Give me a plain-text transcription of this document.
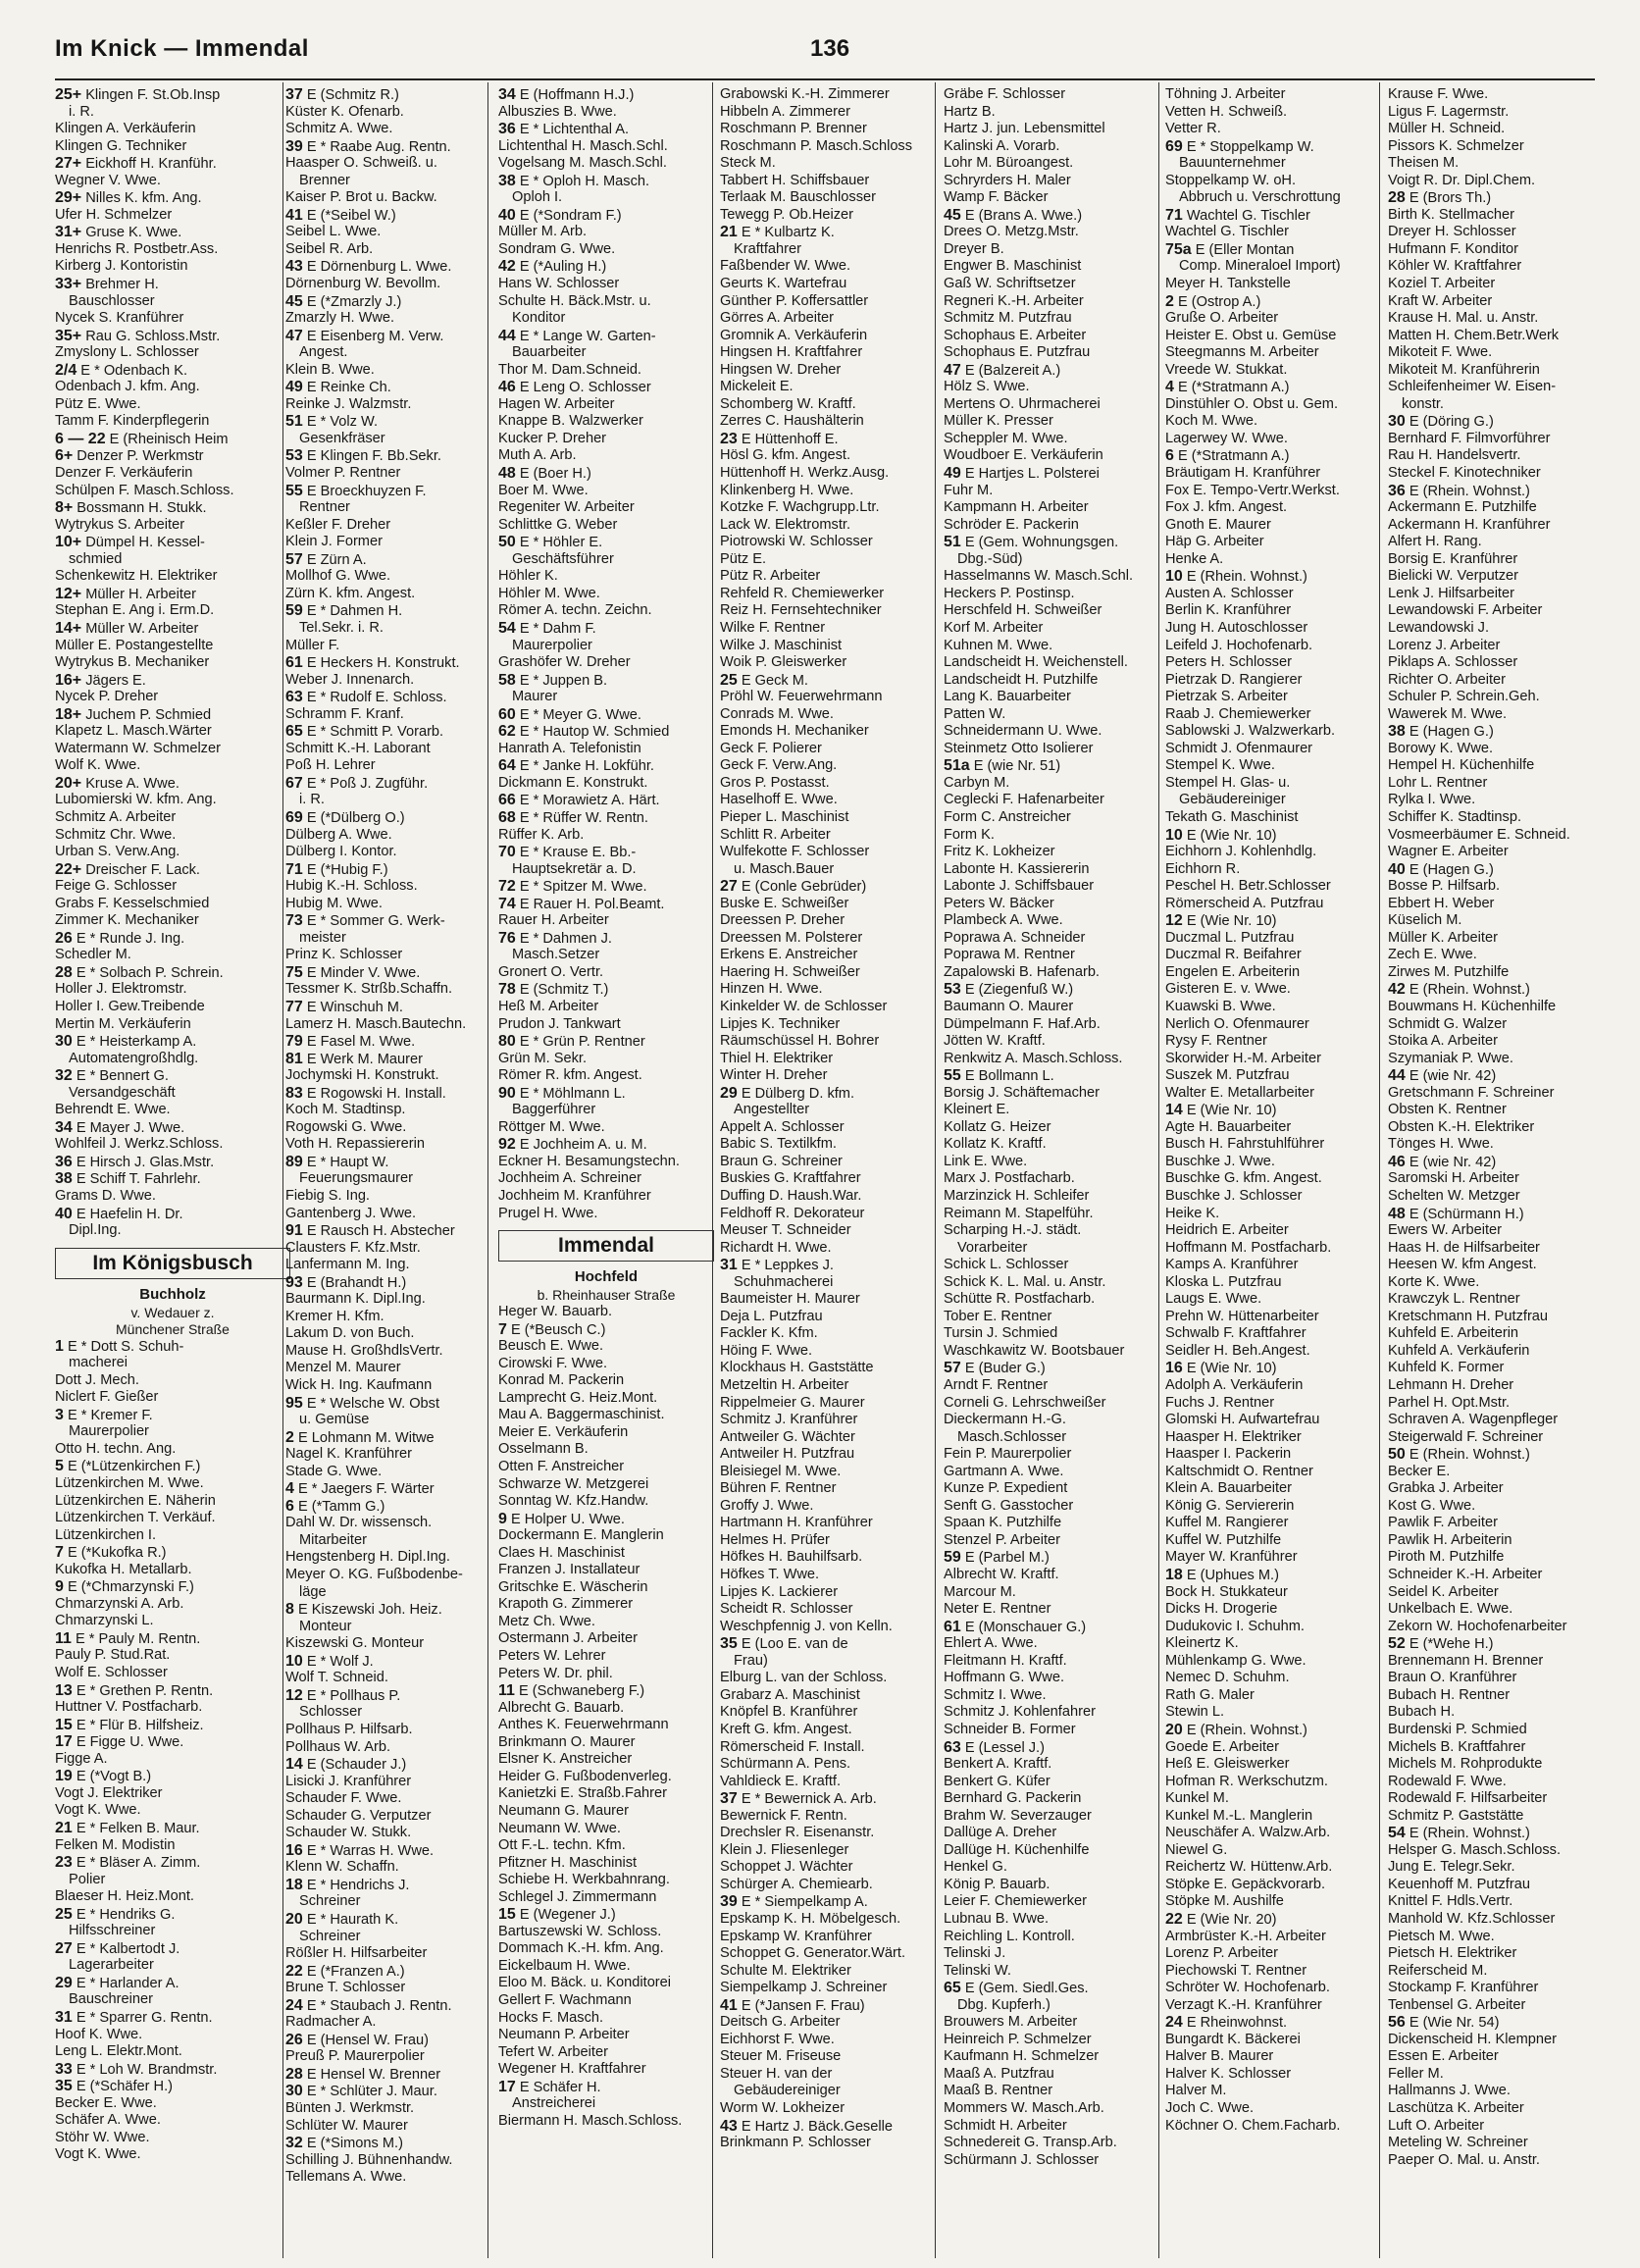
Im Knick — Immendal	136
25+ Klingen F. St.Ob.Insp
i. R.
Klingen A. Verkäuferin
Klingen G. Techniker
27+ Eickhoff H. Kranführ.
Wegner V. Wwe.
29+ Nilles K. kfm. Ang.
Ufer H. Schmelzer
31+ Gruse K. Wwe.
Henrichs R. Postbetr.Ass.
Kirberg J. Kontoristin
33+ Brehmer H.
Bauschlosser
Nycek S. Kranführer
35+ Rau G. Schloss.Mstr.
Zmyslony L. Schlosser
2/4 E * Odenbach K.
Odenbach J. kfm. Ang.
Pütz E. Wwe.
Tamm F. Kinderpflegerin
6 — 22 E (Rheinisch Heim
6+ Denzer P. Werkmstr
Denzer F. Verkäuferin
Schülpen F. Masch.Schloss.
8+ Bossmann H. Stukk.
Wytrykus S. Arbeiter
10+ Dümpel H. Kessel-
schmied
Schenkewitz H. Elektriker
12+ Müller H. Arbeiter
Stephan E. Ang i. Erm.D.
14+ Müller W. Arbeiter
Müller E. Postangestellte
Wytrykus B. Mechaniker
16+ Jägers E.
Nycek P. Dreher
18+ Juchem P. Schmied
Klapetz L. Masch.Wärter
Watermann W. Schmelzer
Wolf K. Wwe.
20+ Kruse A. Wwe.
Lubomierski W. kfm. Ang.
Schmitz A. Arbeiter
Schmitz Chr. Wwe.
Urban S. Verw.Ang.
22+ Dreischer F. Lack.
Feige G. Schlosser
Grabs F. Kesselschmied
Zimmer K. Mechaniker
26 E * Runde J. Ing.
Schedler M.
28 E * Solbach P. Schrein.
Holler J. Elektromstr.
Holler I. Gew.Treibende
Mertin M. Verkäuferin
30 E * Heisterkamp A.
Automatengroßhdlg.
32 E * Bennert G.
Versandgeschäft
Behrendt E. Wwe.
34 E Mayer J. Wwe.
Wohlfeil J. Werkz.Schloss.
36 E Hirsch J. Glas.Mstr.
38 E Schiff T. Fahrlehr.
Grams D. Wwe.
40 E Haefelin H. Dr.
Dipl.Ing.
Im Königsbusch
Buchholz
v. Wedauer z.
Münchener Straße
1 E * Dott S. Schuh-
macherei
Dott J. Mech.
Niclert F. Gießer
3 E * Kremer F.
Maurerpolier
Otto H. techn. Ang.
5 E (*Lützenkirchen F.)
Lützenkirchen M. Wwe.
Lützenkirchen E. Näherin
Lützenkirchen T. Verkäuf.
Lützenkirchen I.
7 E (*Kukofka R.)
Kukofka H. Metallarb.
9 E (*Chmarzynski F.)
Chmarzynski A. Arb.
Chmarzynski L.
11 E * Pauly M. Rentn.
Pauly P. Stud.Rat.
Wolf E. Schlosser
13 E * Grethen P. Rentn.
Huttner V. Postfacharb.
15 E * Flür B. Hilfsheiz.
17 E Figge U. Wwe.
Figge A.
19 E (*Vogt B.)
Vogt J. Elektriker
Vogt K. Wwe.
21 E * Felken B. Maur.
Felken M. Modistin
23 E * Bläser A. Zimm.
Polier
Blaeser H. Heiz.Mont.
25 E * Hendriks G.
Hilfsschreiner
27 E * Kalbertodt J.
Lagerarbeiter
29 E * Harlander A.
Bauschreiner
31 E * Sparrer G. Rentn.
Hoof K. Wwe.
Leng L. Elektr.Mont.
33 E * Loh W. Brandmstr.
35 E (*Schäfer H.)
Becker E. Wwe.
Schäfer A. Wwe.
Stöhr W. Wwe.
Vogt K. Wwe.
37 E (Schmitz R.)
Küster K. Ofenarb.
Schmitz A. Wwe.
39 E * Raabe Aug. Rentn.
Haasper O. Schweiß. u.
Brenner
Kaiser P. Brot u. Backw.
41 E (*Seibel W.)
Seibel L. Wwe.
Seibel R. Arb.
43 E Dörnenburg L. Wwe.
Dörnenburg W. Bevollm.
45 E (*Zmarzly J.)
Zmarzly H. Wwe.
47 E Eisenberg M. Verw.
Angest.
Klein B. Wwe.
49 E Reinke Ch.
Reinke J. Walzmstr.
51 E * Volz W.
Gesenkfräser
53 E Klingen F. Bb.Sekr.
Volmer P. Rentner
55 E Broeckhuyzen F.
Rentner
Keßler F. Dreher
Klein J. Former
57 E Zürn A.
Mollhof G. Wwe.
Zürn K. kfm. Angest.
59 E * Dahmen H.
Tel.Sekr. i. R.
Müller F.
61 E Heckers H. Konstrukt.
Weber J. Innenarch.
63 E * Rudolf E. Schloss.
Schramm F. Kranf.
65 E * Schmitt P. Vorarb.
Schmitt K.-H. Laborant
Poß H. Lehrer
67 E * Poß J. Zugführ.
i. R.
69 E (*Dülberg O.)
Dülberg A. Wwe.
Dülberg I. Kontor.
71 E (*Hubig F.)
Hubig K.-H. Schloss.
Hubig M. Wwe.
73 E * Sommer G. Werk-
meister
Prinz K. Schlosser
75 E Minder V. Wwe.
Tessmer K. Strßb.Schaffn.
77 E Winschuh M.
Lamerz H. Masch.Bautechn.
79 E Fasel M. Wwe.
81 E Werk M. Maurer
Jochymski H. Konstrukt.
83 E Rogowski H. Install.
Koch M. Stadtinsp.
Rogowski G. Wwe.
Voth H. Repassiererin
89 E * Haupt W.
Feuerungsmaurer
Fiebig S. Ing.
Gantenberg J. Wwe.
91 E Rausch H. Abstecher
Clausters F. Kfz.Mstr.
Lanfermann M. Ing.
93 E (Brahandt H.)
Baurmann K. Dipl.Ing.
Kremer H. Kfm.
Lakum D. von Buch.
Mause H. GroßhdlsVertr.
Menzel M. Maurer
Wick H. Ing. Kaufmann
95 E * Welsche W. Obst
u. Gemüse
2 E Lohmann M. Witwe
Nagel K. Kranführer
Stade G. Wwe.
4 E * Jaegers F. Wärter
6 E (*Tamm G.)
Dahl W. Dr. wissensch.
Mitarbeiter
Hengstenberg H. Dipl.Ing.
Meyer O. KG. Fußbodenbe-
läge
8 E Kiszewski Joh. Heiz.
Monteur
Kiszewski G. Monteur
10 E * Wolf J.
Wolf T. Schneid.
12 E * Pollhaus P.
Schlosser
Pollhaus P. Hilfsarb.
Pollhaus W. Arb.
14 E (Schauder J.)
Lisicki J. Kranführer
Schauder F. Wwe.
Schauder G. Verputzer
Schauder W. Stukk.
16 E * Warras H. Wwe.
Klenn W. Schaffn.
18 E * Hendrichs J.
Schreiner
20 E * Haurath K.
Schreiner
Rößler H. Hilfsarbeiter
22 E (*Franzen A.)
Brune T. Schlosser
24 E * Staubach J. Rentn.
Radmacher A.
26 E (Hensel W. Frau)
Preuß P. Maurerpolier
28 E Hensel W. Brenner
30 E * Schlüter J. Maur.
Bünten J. Werkmstr.
Schlüter W. Maurer
32 E (*Simons M.)
Schilling J. Bühnenhandw.
Tellemans A. Wwe.
34 E (Hoffmann H.J.)
Albuszies B. Wwe.
36 E * Lichtenthal A.
Lichtenthal H. Masch.Schl.
Vogelsang M. Masch.Schl.
38 E * Oploh H. Masch.
Oploh I.
40 E (*Sondram F.)
Müller M. Arb.
Sondram G. Wwe.
42 E (*Auling H.)
Hans W. Schlosser
Schulte H. Bäck.Mstr. u.
Konditor
44 E * Lange W. Garten-
Bauarbeiter
Thor M. Dam.Schneid.
46 E Leng O. Schlosser
Hagen W. Arbeiter
Knappe B. Walzwerker
Kucker P. Dreher
Muth A. Arb.
48 E (Boer H.)
Boer M. Wwe.
Regeniter W. Arbeiter
Schlittke G. Weber
50 E * Höhler E.
Geschäftsführer
Höhler K.
Höhler M. Wwe.
Römer A. techn. Zeichn.
54 E * Dahm F.
Maurerpolier
Grashöfer W. Dreher
58 E * Juppen B.
Maurer
60 E * Meyer G. Wwe.
62 E * Hautop W. Schmied
Hanrath A. Telefonistin
64 E * Janke H. Lokführ.
Dickmann E. Konstrukt.
66 E * Morawietz A. Härt.
68 E * Rüffer W. Rentn.
Rüffer K. Arb.
70 E * Krause E. Bb.-
Hauptsekretär a. D.
72 E * Spitzer M. Wwe.
74 E Rauer H. Pol.Beamt.
Rauer H. Arbeiter
76 E * Dahmen J.
Masch.Setzer
Gronert O. Vertr.
78 E (Schmitz T.)
Heß M. Arbeiter
Prudon J. Tankwart
80 E * Grün P. Rentner
Grün M. Sekr.
Römer R. kfm. Angest.
90 E * Möhlmann L.
Baggerführer
Röttger M. Wwe.
92 E Jochheim A. u. M.
Eckner H. Besamungstechn.
Jochheim A. Schreiner
Jochheim M. Kranführer
Prugel H. Wwe.
Immendal
Hochfeld
b. Rheinhauser Straße
Heger W. Bauarb.
7 E (*Beusch C.)
Beusch E. Wwe.
Cirowski F. Wwe.
Konrad M. Packerin
Lamprecht G. Heiz.Mont.
Mau A. Baggermaschinist.
Meier E. Verkäuferin
Osselmann B.
Otten F. Anstreicher
Schwarze W. Metzgerei
Sonntag W. Kfz.Handw.
9 E Holper U. Wwe.
Dockermann E. Manglerin
Claes H. Maschinist
Franzen J. Installateur
Gritschke E. Wäscherin
Krapoth G. Zimmerer
Metz Ch. Wwe.
Ostermann J. Arbeiter
Peters W. Lehrer
Peters W. Dr. phil.
11 E (Schwaneberg F.)
Albrecht G. Bauarb.
Anthes K. Feuerwehrmann
Brinkmann O. Maurer
Elsner K. Anstreicher
Heider G. Fußbodenverleg.
Kanietzki E. Straßb.Fahrer
Neumann G. Maurer
Neumann W. Wwe.
Ott F.-L. techn. Kfm.
Pfitzner H. Maschinist
Schiebe H. Werkbahnrang.
Schlegel J. Zimmermann
15 E (Wegener J.)
Bartuszewski W. Schloss.
Dommach K.-H. kfm. Ang.
Eickelbaum H. Wwe.
Eloo M. Bäck. u. Konditorei
Gellert F. Wachmann
Hocks F. Masch.
Neumann P. Arbeiter
Tefert W. Arbeiter
Wegener H. Kraftfahrer
17 E Schäfer H.
Anstreicherei
Biermann H. Masch.Schloss.
Grabowski K.-H. Zimmerer
Hibbeln A. Zimmerer
Roschmann P. Brenner
Roschmann P. Masch.Schloss
Steck M.
Tabbert H. Schiffsbauer
Terlaak M. Bauschlosser
Tewegg P. Ob.Heizer
21 E * Kulbartz K.
Kraftfahrer
Faßbender W. Wwe.
Geurts K. Wartefrau
Günther P. Koffersattler
Görres A. Arbeiter
Gromnik A. Verkäuferin
Hingsen H. Kraftfahrer
Hingsen W. Dreher
Mickeleit E.
Schomberg W. Kraftf.
Zerres C. Haushälterin
23 E Hüttenhoff E.
Hösl G. kfm. Angest.
Hüttenhoff H. Werkz.Ausg.
Klinkenberg H. Wwe.
Kotzke F. Wachgrupp.Ltr.
Lack W. Elektromstr.
Piotrowski W. Schlosser
Pütz E.
Pütz R. Arbeiter
Rehfeld R. Chemiewerker
Reiz H. Fernsehtechniker
Wilke F. Rentner
Wilke J. Maschinist
Woik P. Gleiswerker
25 E Geck M.
Pröhl W. Feuerwehrmann
Conrads M. Wwe.
Emonds H. Mechaniker
Geck F. Polierer
Geck F. Verw.Ang.
Gros P. Postasst.
Haselhoff E. Wwe.
Pieper L. Maschinist
Schlitt R. Arbeiter
Wulfekotte F. Schlosser
u. Masch.Bauer
27 E (Conle Gebrüder)
Buske E. Schweißer
Dreessen P. Dreher
Dreessen M. Polsterer
Erkens E. Anstreicher
Haering H. Schweißer
Hinzen H. Wwe.
Kinkelder W. de Schlosser
Lipjes K. Techniker
Räumschüssel H. Bohrer
Thiel H. Elektriker
Winter H. Dreher
29 E Dülberg D. kfm.
Angestellter
Appelt A. Schlosser
Babic S. Textilkfm.
Braun G. Schreiner
Buskies G. Kraftfahrer
Duffing D. Haush.War.
Feldhoff R. Dekorateur
Meuser T. Schneider
Richardt H. Wwe.
31 E * Leppkes J.
Schuhmacherei
Baumeister H. Maurer
Deja L. Putzfrau
Fackler K. Kfm.
Höing F. Wwe.
Klockhaus H. Gaststätte
Metzeltin H. Arbeiter
Rippelmeier G. Maurer
Schmitz J. Kranführer
Antweiler G. Wächter
Antweiler H. Putzfrau
Bleisiegel M. Wwe.
Bühren F. Rentner
Groffy J. Wwe.
Hartmann H. Kranführer
Helmes H. Prüfer
Höfkes H. Bauhilfsarb.
Höfkes T. Wwe.
Lipjes K. Lackierer
Scheidt R. Schlosser
Weschpfennig J. von Kelln.
35 E (Loo E. van de
Frau)
Elburg L. van der Schloss.
Grabarz A. Maschinist
Knöpfel B. Kranführer
Kreft G. kfm. Angest.
Römerscheid F. Install.
Schürmann A. Pens.
Vahldieck E. Kraftf.
37 E * Bewernick A. Arb.
Bewernick F. Rentn.
Drechsler R. Eisenanstr.
Klein J. Fliesenleger
Schoppet J. Wächter
Schürger A. Chemiearb.
39 E * Siempelkamp A.
Epskamp K. H. Möbelgesch.
Epskamp W. Kranführer
Schoppet G. Generator.Wärt.
Schulte M. Elektriker
Siempelkamp J. Schreiner
41 E (*Jansen F. Frau)
Deitsch G. Arbeiter
Eichhorst F. Wwe.
Steuer M. Friseuse
Steuer H. van der
Gebäudereiniger
Worm W. Lokheizer
43 E Hartz J. Bäck.Geselle
Brinkmann P. Schlosser
Gräbe F. Schlosser
Hartz B.
Hartz J. jun. Lebensmittel
Kalinski A. Vorarb.
Lohr M. Büroangest.
Schryrders H. Maler
Wamp F. Bäcker
45 E (Brans A. Wwe.)
Drees O. Metzg.Mstr.
Dreyer B.
Engwer B. Maschinist
Gaß W. Schriftsetzer
Regneri K.-H. Arbeiter
Schmitz M. Putzfrau
Schophaus E. Arbeiter
Schophaus E. Putzfrau
47 E (Balzereit A.)
Hölz S. Wwe.
Mertens O. Uhrmacherei
Müller K. Presser
Scheppler M. Wwe.
Woudboer E. Verkäuferin
49 E Hartjes L. Polsterei
Fuhr M.
Kampmann H. Arbeiter
Schröder E. Packerin
51 E (Gem. Wohnungsgen.
Dbg.-Süd)
Hasselmanns W. Masch.Schl.
Heckers P. Postinsp.
Herschfeld H. Schweißer
Korf M. Arbeiter
Kuhnen M. Wwe.
Landscheidt H. Weichenstell.
Landscheidt H. Putzhilfe
Lang K. Bauarbeiter
Patten W.
Schneidermann U. Wwe.
Steinmetz Otto Isolierer
51a E (wie Nr. 51)
Carbyn M.
Ceglecki F. Hafenarbeiter
Form C. Anstreicher
Form K.
Fritz K. Lokheizer
Labonte H. Kassiererin
Labonte J. Schiffsbauer
Peters W. Bäcker
Plambeck A. Wwe.
Poprawa A. Schneider
Poprawa M. Rentner
Zapalowski B. Hafenarb.
53 E (Ziegenfuß W.)
Baumann O. Maurer
Dümpelmann F. Haf.Arb.
Jötten W. Kraftf.
Renkwitz A. Masch.Schloss.
55 E Bollmann L.
Borsig J. Schäftemacher
Kleinert E.
Kollatz G. Heizer
Kollatz K. Kraftf.
Link E. Wwe.
Marx J. Postfacharb.
Marzinzick H. Schleifer
Reimann M. Stapelführ.
Scharping H.-J. städt.
Vorarbeiter
Schick L. Schlosser
Schick K. L. Mal. u. Anstr.
Schütte R. Postfacharb.
Tober E. Rentner
Tursin J. Schmied
Waschkawitz W. Bootsbauer
57 E (Buder G.)
Arndt F. Rentner
Corneli G. Lehrschweißer
Dieckermann H.-G.
Masch.Schlosser
Fein P. Maurerpolier
Gartmann A. Wwe.
Kunze P. Expedient
Senft G. Gasstocher
Spaan K. Putzhilfe
Stenzel P. Arbeiter
59 E (Parbel M.)
Albrecht W. Kraftf.
Marcour M.
Neter E. Rentner
61 E (Monschauer G.)
Ehlert A. Wwe.
Fleitmann H. Kraftf.
Hoffmann G. Wwe.
Schmitz I. Wwe.
Schmitz J. Kohlenfahrer
Schneider B. Former
63 E (Lessel J.)
Benkert A. Kraftf.
Benkert G. Küfer
Bernhard G. Packerin
Brahm W. Severzauger
Dallüge A. Dreher
Dallüge H. Küchenhilfe
Henkel G.
König P. Bauarb.
Leier F. Chemiewerker
Lubnau B. Wwe.
Reichling L. Kontroll.
Telinski J.
Telinski W.
65 E (Gem. Siedl.Ges.
Dbg. Kupferh.)
Brouwers M. Arbeiter
Heinreich P. Schmelzer
Kaufmann H. Schmelzer
Maaß A. Putzfrau
Maaß B. Rentner
Mommers W. Masch.Arb.
Schmidt H. Arbeiter
Schnedereit G. Transp.Arb.
Schürmann J. Schlosser
Töhning J. Arbeiter
Vetten H. Schweiß.
Vetter R.
69 E * Stoppelkamp W.
Bauunternehmer
Stoppelkamp W. oH.
Abbruch u. Verschrottung
71 Wachtel G. Tischler
Wachtel G. Tischler
75a E (Eller Montan
Comp. Mineraloel Import)
Meyer H. Tankstelle
2 E (Ostrop A.)
Gruße O. Arbeiter
Heister E. Obst u. Gemüse
Steegmanns M. Arbeiter
Vreede W. Stukkat.
4 E (*Stratmann A.)
Dinstühler O. Obst u. Gem.
Koch M. Wwe.
Lagerwey W. Wwe.
6 E (*Stratmann A.)
Bräutigam H. Kranführer
Fox E. Tempo-Vertr.Werkst.
Fox J. kfm. Angest.
Gnoth E. Maurer
Häp G. Arbeiter
Henke A.
10 E (Rhein. Wohnst.)
Austen A. Schlosser
Berlin K. Kranführer
Jung H. Autoschlosser
Leifeld J. Hochofenarb.
Peters H. Schlosser
Pietrzak D. Rangierer
Pietrzak S. Arbeiter
Raab J. Chemiewerker
Sablowski J. Walzwerkarb.
Schmidt J. Ofenmaurer
Stempel K. Wwe.
Stempel H. Glas- u.
Gebäudereiniger
Tekath G. Maschinist
10 E (Wie Nr. 10)
Eichhorn J. Kohlenhdlg.
Eichhorn R.
Peschel H. Betr.Schlosser
Römerscheid A. Putzfrau
12 E (Wie Nr. 10)
Duczmal L. Putzfrau
Duczmal R. Beifahrer
Engelen E. Arbeiterin
Gisteren E. v. Wwe.
Kuawski B. Wwe.
Nerlich O. Ofenmaurer
Rysy F. Rentner
Skorwider H.-M. Arbeiter
Suszek M. Putzfrau
Walter E. Metallarbeiter
14 E (Wie Nr. 10)
Agte H. Bauarbeiter
Busch H. Fahrstuhlführer
Buschke J. Wwe.
Buschke G. kfm. Angest.
Buschke J. Schlosser
Heike K.
Heidrich E. Arbeiter
Hoffmann M. Postfacharb.
Kamps A. Kranführer
Kloska L. Putzfrau
Laugs E. Wwe.
Prehn W. Hüttenarbeiter
Schwalb F. Kraftfahrer
Seidler H. Beh.Angest.
16 E (Wie Nr. 10)
Adolph A. Verkäuferin
Fuchs J. Rentner
Glomski H. Aufwartefrau
Haasper H. Elektriker
Haasper I. Packerin
Kaltschmidt O. Rentner
Klein A. Bauarbeiter
König G. Serviererin
Kuffel M. Rangierer
Kuffel W. Putzhilfe
Mayer W. Kranführer
18 E (Uphues M.)
Bock H. Stukkateur
Dicks H. Drogerie
Dudukovic I. Schuhm.
Kleinertz K.
Mühlenkamp G. Wwe.
Nemec D. Schuhm.
Rath G. Maler
Stewin L.
20 E (Rhein. Wohnst.)
Goede E. Arbeiter
Heß E. Gleiswerker
Hofman R. Werkschutzm.
Kunkel M.
Kunkel M.-L. Manglerin
Neuschäfer A. Walzw.Arb.
Niewel G.
Reichertz W. Hüttenw.Arb.
Stöpke E. Gepäckvorarb.
Stöpke M. Aushilfe
22 E (Wie Nr. 20)
Armbrüster K.-H. Arbeiter
Lorenz P. Arbeiter
Piechowski T. Rentner
Schröter W. Hochofenarb.
Verzagt K.-H. Kranführer
24 E Rheinwohnst.
Bungardt K. Bäckerei
Halver B. Maurer
Halver K. Schlosser
Halver M.
Joch C. Wwe.
Köchner O. Chem.Facharb.
Krause F. Wwe.
Ligus F. Lagermstr.
Müller H. Schneid.
Pissors K. Schmelzer
Theisen M.
Voigt R. Dr. Dipl.Chem.
28 E (Brors Th.)
Birth K. Stellmacher
Dreyer H. Schlosser
Hufmann F. Konditor
Köhler W. Kraftfahrer
Koziel T. Arbeiter
Kraft W. Arbeiter
Krause H. Mal. u. Anstr.
Matten H. Chem.Betr.Werk
Mikoteit F. Wwe.
Mikoteit M. Kranführerin
Schleifenheimer W. Eisen-
konstr.
30 E (Döring G.)
Bernhard F. Filmvorführer
Rau H. Handelsvertr.
Steckel F. Kinotechniker
36 E (Rhein. Wohnst.)
Ackermann E. Putzhilfe
Ackermann H. Kranführer
Alfert H. Rang.
Borsig E. Kranführer
Bielicki W. Verputzer
Lenk J. Hilfsarbeiter
Lewandowski F. Arbeiter
Lewandowski J.
Lorenz J. Arbeiter
Piklaps A. Schlosser
Richter O. Arbeiter
Schuler P. Schrein.Geh.
Wawerek M. Wwe.
38 E (Hagen G.)
Borowy K. Wwe.
Hempel H. Küchenhilfe
Lohr L. Rentner
Rylka I. Wwe.
Schiffer K. Stadtinsp.
Vosmeerbäumer E. Schneid.
Wagner E. Arbeiter
40 E (Hagen G.)
Bosse P. Hilfsarb.
Ebbert H. Weber
Küselich M.
Müller K. Arbeiter
Zech E. Wwe.
Zirwes M. Putzhilfe
42 E (Rhein. Wohnst.)
Bouwmans H. Küchenhilfe
Schmidt G. Walzer
Stoika A. Arbeiter
Szymaniak P. Wwe.
44 E (wie Nr. 42)
Gretschmann F. Schreiner
Obsten K. Rentner
Obsten K.-H. Elektriker
Tönges H. Wwe.
46 E (wie Nr. 42)
Saromski H. Arbeiter
Schelten W. Metzger
48 E (Schürmann H.)
Ewers W. Arbeiter
Haas H. de Hilfsarbeiter
Heesen W. kfm Angest.
Korte K. Wwe.
Krawczyk L. Rentner
Kretschmann H. Putzfrau
Kuhfeld E. Arbeiterin
Kuhfeld A. Verkäuferin
Kuhfeld K. Former
Lehmann H. Dreher
Parhel H. Opt.Mstr.
Schraven A. Wagenpfleger
Steigerwald F. Schreiner
50 E (Rhein. Wohnst.)
Becker E.
Grabka J. Arbeiter
Kost G. Wwe.
Pawlik F. Arbeiter
Pawlik H. Arbeiterin
Piroth M. Putzhilfe
Schneider K.-H. Arbeiter
Seidel K. Arbeiter
Unkelbach E. Wwe.
Zekorn W. Hochofenarbeiter
52 E (*Wehe H.)
Brennemann H. Brenner
Braun O. Kranführer
Bubach H. Rentner
Bubach H.
Burdenski P. Schmied
Michels B. Kraftfahrer
Michels M. Rohprodukte
Rodewald F. Wwe.
Rodewald F. Hilfsarbeiter
Schmitz P. Gaststätte
54 E (Rhein. Wohnst.)
Helsper G. Masch.Schloss.
Jung E. Telegr.Sekr.
Keuenhoff M. Putzfrau
Knittel F. Hdls.Vertr.
Manhold W. Kfz.Schlosser
Pietsch M. Wwe.
Pietsch H. Elektriker
Reiferscheid M.
Stockamp F. Kranführer
Tenbensel G. Arbeiter
56 E (Wie Nr. 54)
Dickenscheid H. Klempner
Essen E. Arbeiter
Feller M.
Hallmanns J. Wwe.
Laschütza K. Arbeiter
Luft O. Arbeiter
Meteling W. Schreiner
Paeper O. Mal. u. Anstr.
